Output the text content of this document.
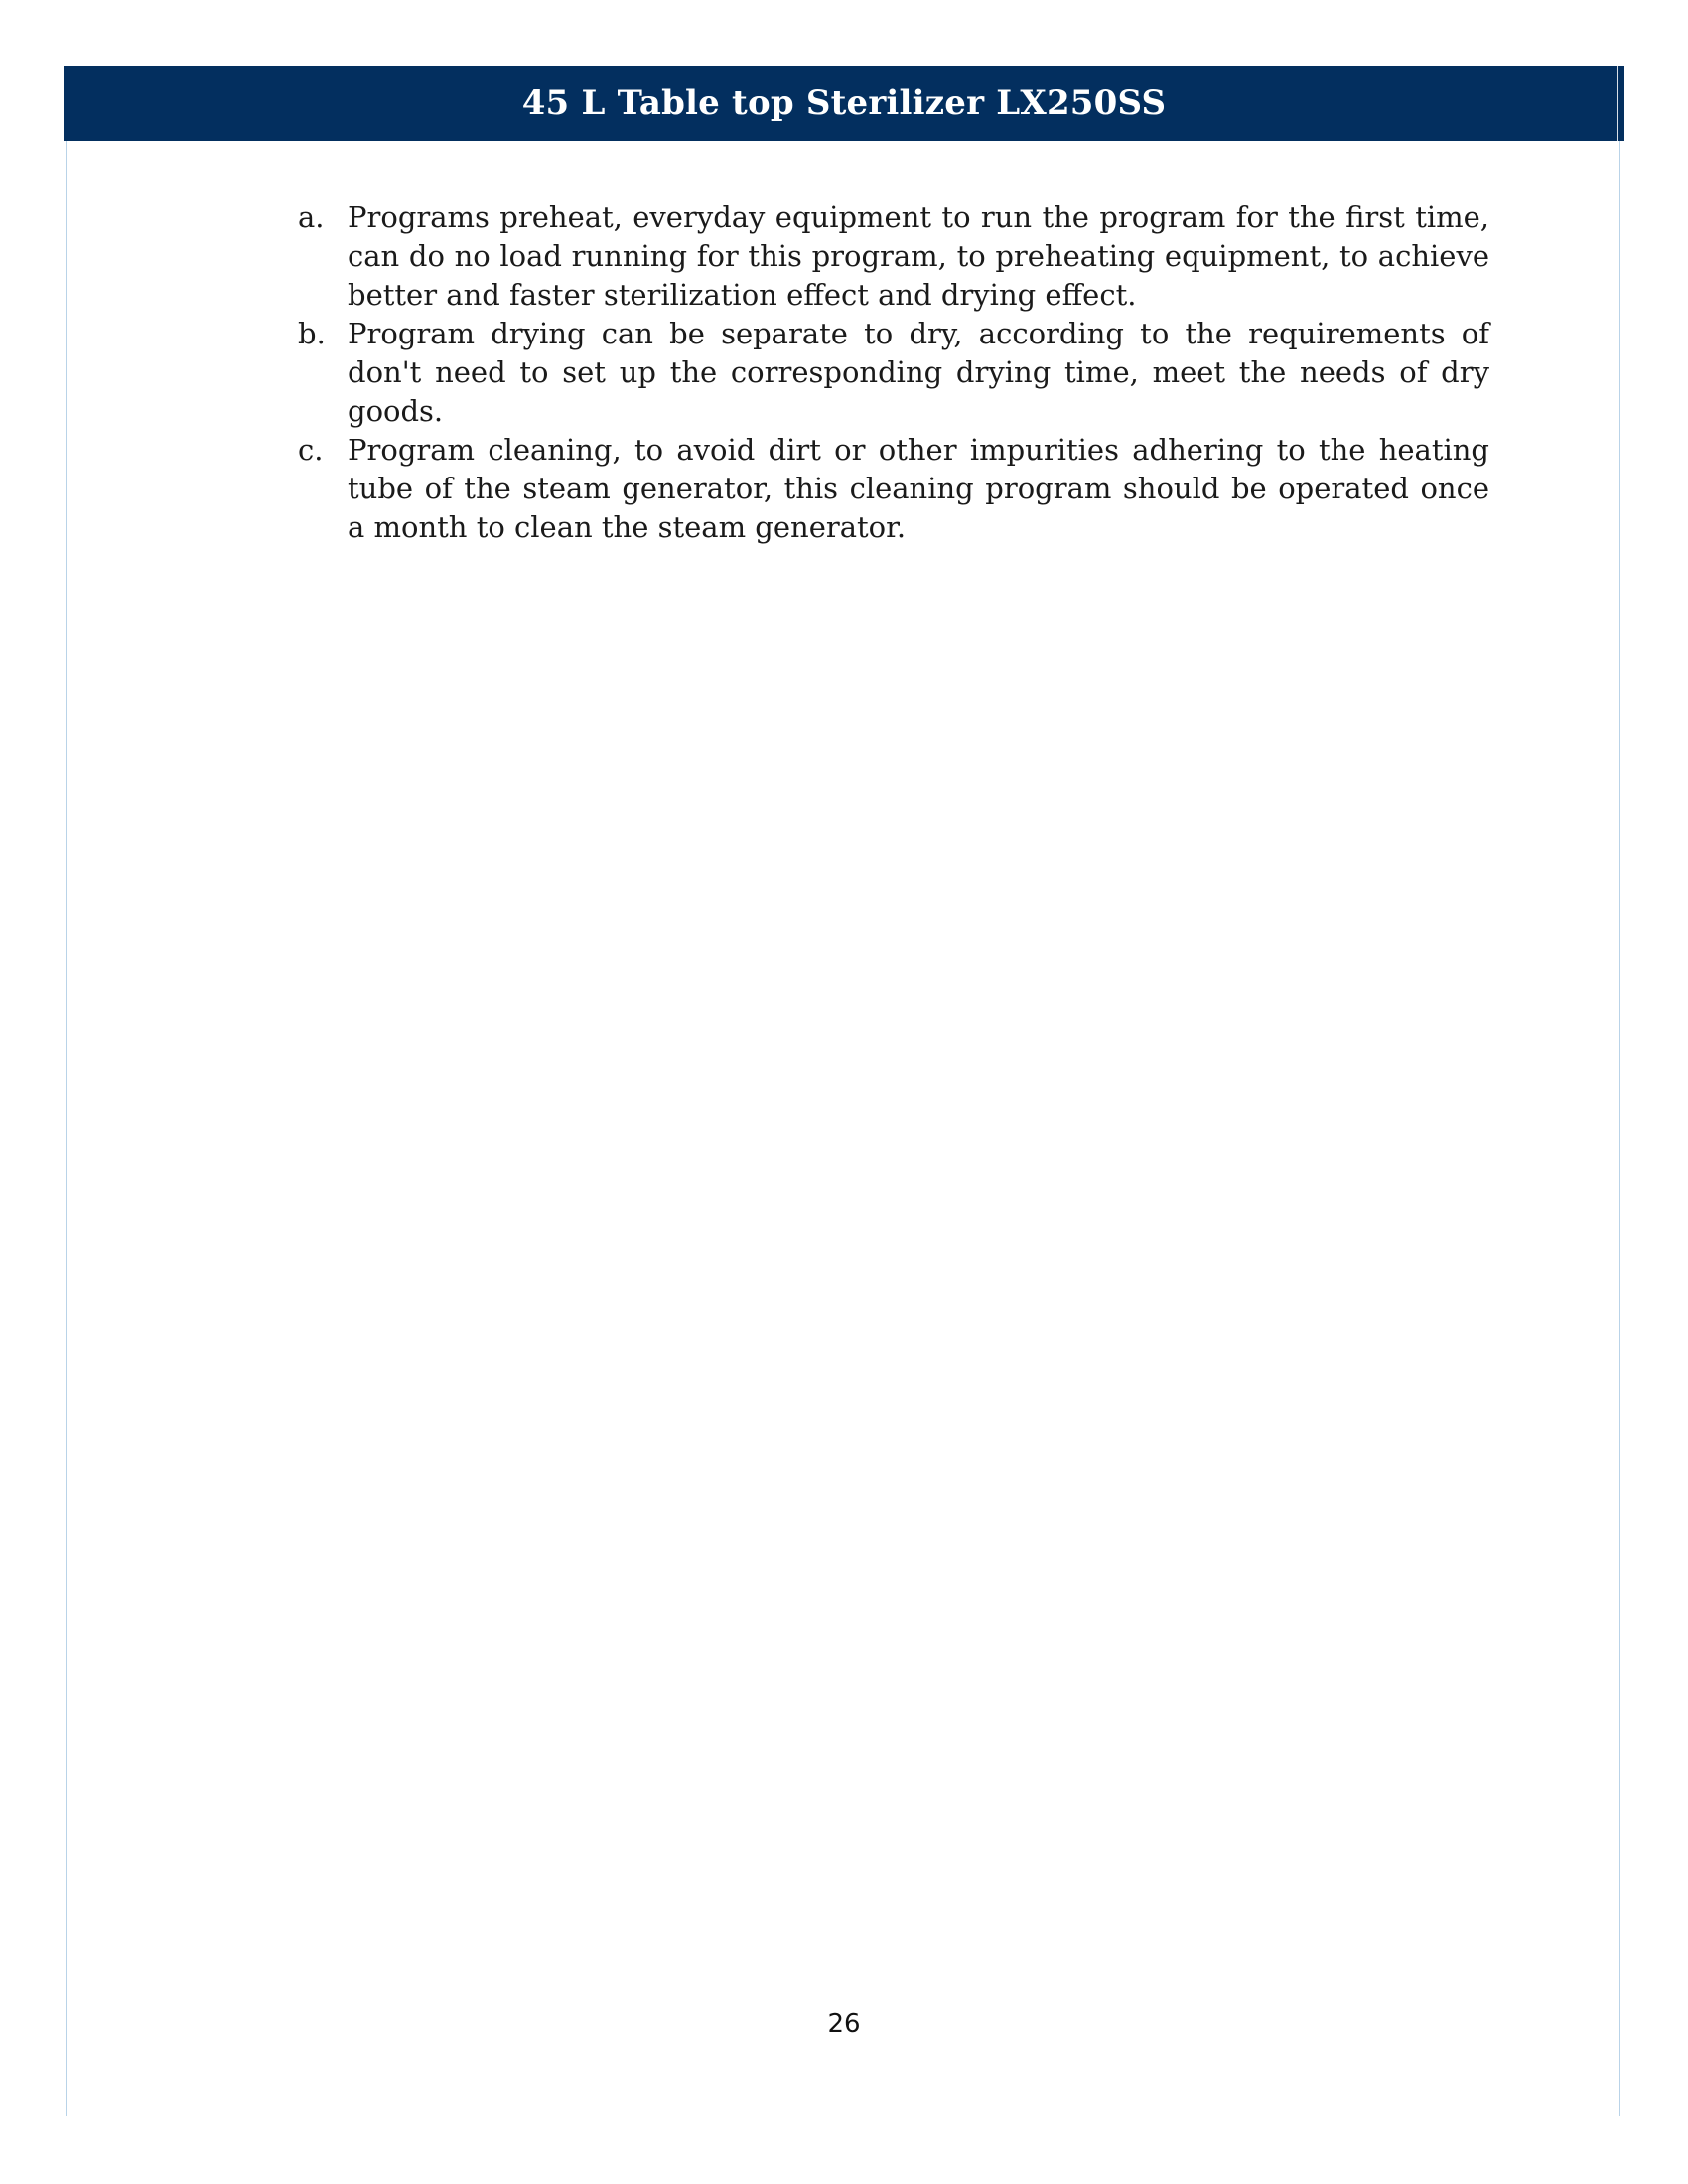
45 L Table top Sterilizer LX250SS
a. Programs preheat, everyday equipment to run the program for the first time, can do no load running for this program, to preheating equipment, to achieve better and faster sterilization effect and drying effect.
b. Program drying can be separate to dry, according to the requirements of don't need to set up the corresponding drying time, meet the needs of dry goods.
c. Program cleaning, to avoid dirt or other impurities adhering to the heating tube of the steam generator, this cleaning program should be operated once a month to clean the steam generator.
26
